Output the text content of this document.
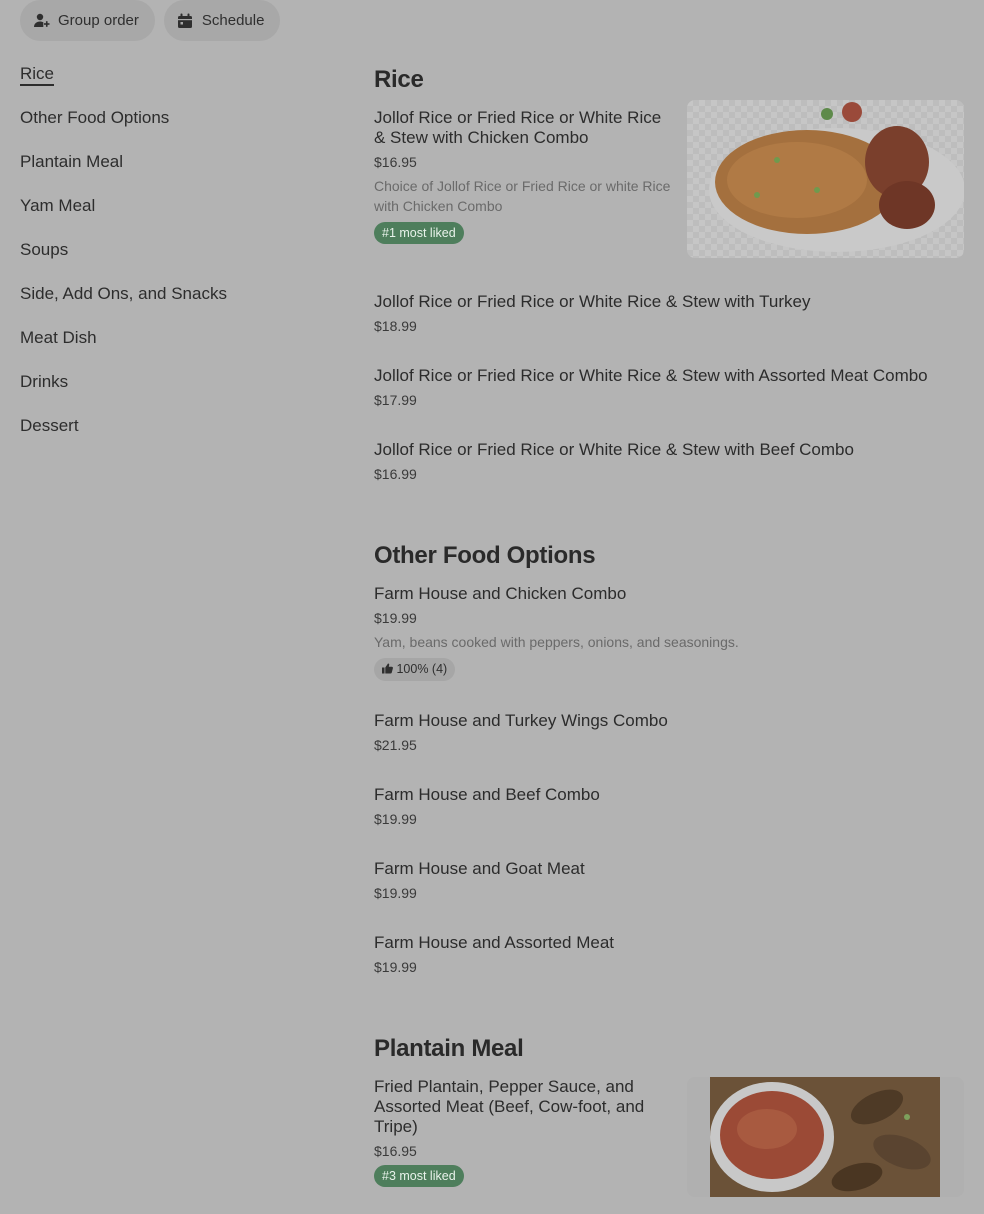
Group order	Schedule
Rice
Other Food Options
Plantain Meal
Yam Meal
Soups
Side, Add Ons, and Snacks
Meat Dish
Drinks
Dessert
Rice
Jollof Rice or Fried Rice or White Rice & Stew with Chicken Combo
$16.95
Choice of Jollof Rice or Fried Rice or white Rice with Chicken Combo
#1 most liked
Jollof Rice or Fried Rice or White Rice & Stew with Turkey
$18.99
Jollof Rice or Fried Rice or White Rice & Stew with Assorted Meat Combo
$17.99
Jollof Rice or Fried Rice or White Rice & Stew with Beef Combo
$16.99
Other Food Options
Farm House and Chicken Combo
$19.99
Yam, beans cooked with peppers, onions, and seasonings.
100% (4)
Farm House and Turkey Wings Combo
$21.95
Farm House and Beef Combo
$19.99
Farm House and Goat Meat
$19.99
Farm House and Assorted Meat
$19.99
Plantain Meal
Fried Plantain, Pepper Sauce, and Assorted Meat (Beef, Cow-foot, and Tripe)
$16.95
#3 most liked
